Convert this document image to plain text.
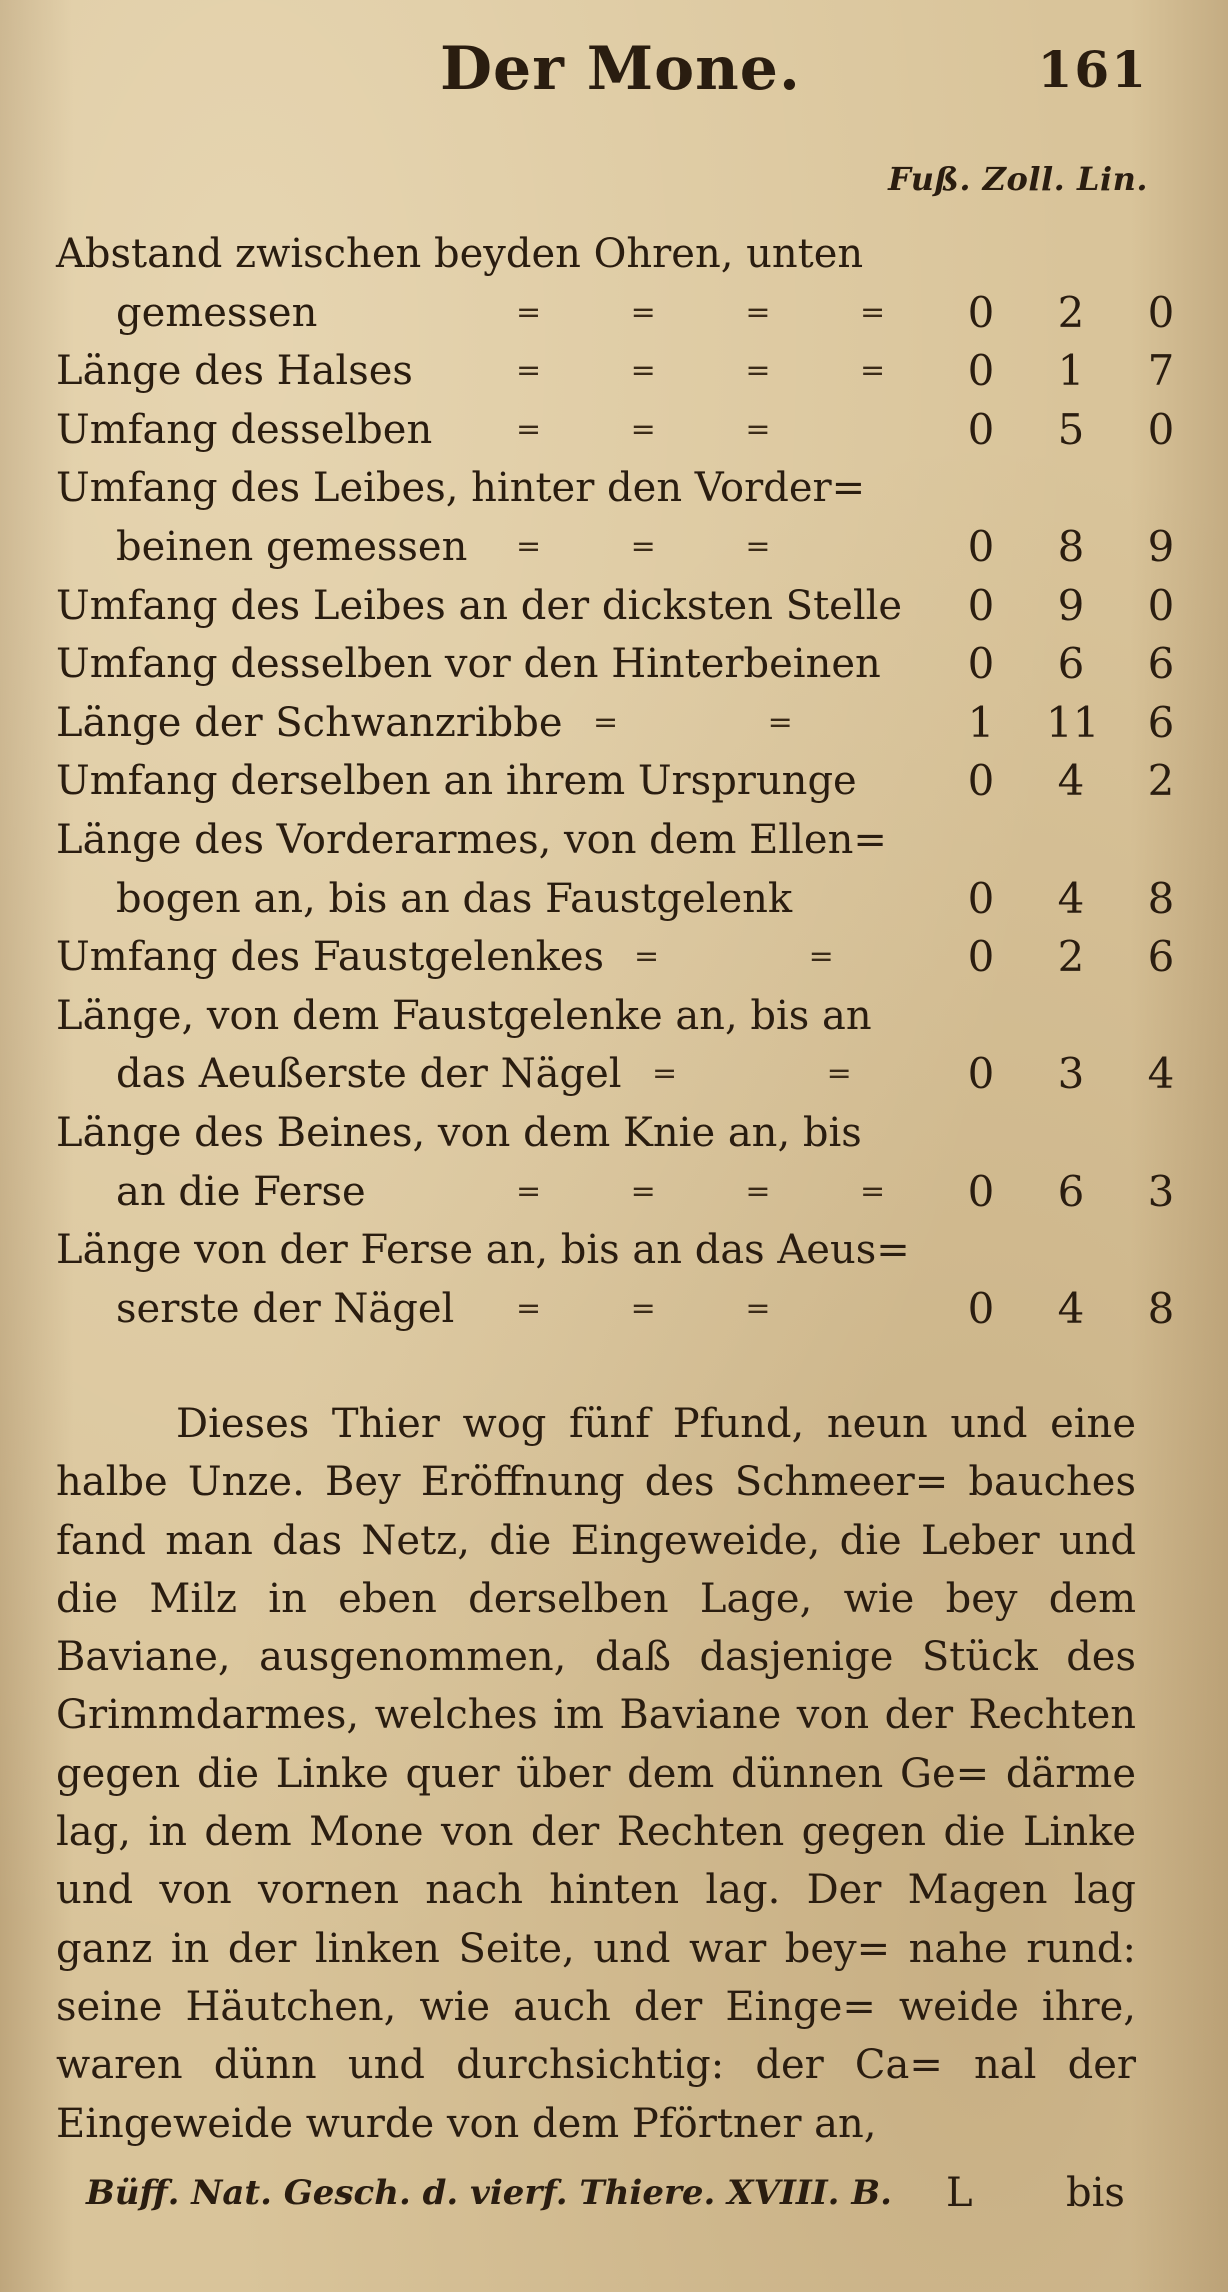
Der Mone.	161
Fuß. Zoll. Lin.
Abstand zwischen beyden Ohren, unten
gemessen	= = = = 0 2 0
Länge des Halses	= = = = 0 1 7
Umfang desselben	= = =	0 5 0
Umfang des Leibes, hinter den Vorder=
beinen gemessen = = =	0 8 9
Umfang des Leibes an der dicksten Stelle 0 9 0
Umfang desselben vor den Hinterbeinen 0 6 6
Länge der Schwanzribbe = = 1 11 6
Umfang derselben an ihrem Ursprunge	0 4 2
Länge des Vorderarmes, von dem Ellen=
bogen an, bis an das Faustgelenk	0 4 8
Umfang des Faustgelenkes = = 0 2 6
Länge, von dem Faustgelenke an, bis an
das Aeußerste der Nägel = = 0 3 4
Länge des Beines, von dem Knie an, bis
an die Ferse	= = = = 0 6 3
Länge von der Ferse an, bis an das Aeus=
serste der Nägel = = =	0 4 8

Dieses Thier wog fünf Pfund, neun und eine halbe Unze. Bey Eröffnung des Schmeer= bauches fand man das Netz, die Eingeweide, die Leber und die Milz in eben derselben Lage, wie bey dem Baviane, ausgenommen, daß dasjenige Stück des Grimmdarmes, welches im Baviane von der Rechten gegen die Linke quer über dem dünnen Ge= därme lag, in dem Mone von der Rechten gegen die Linke und von vornen nach hinten lag. Der Magen lag ganz in der linken Seite, und war bey= nahe rund: seine Häutchen, wie auch der Einge= weide ihre, waren dünn und durchsichtig: der Ca= nal der Eingeweide wurde von dem Pförtner an,

Büff. Nat. Gesch. d. vierf. Thiere. XVIII. B. L bis
